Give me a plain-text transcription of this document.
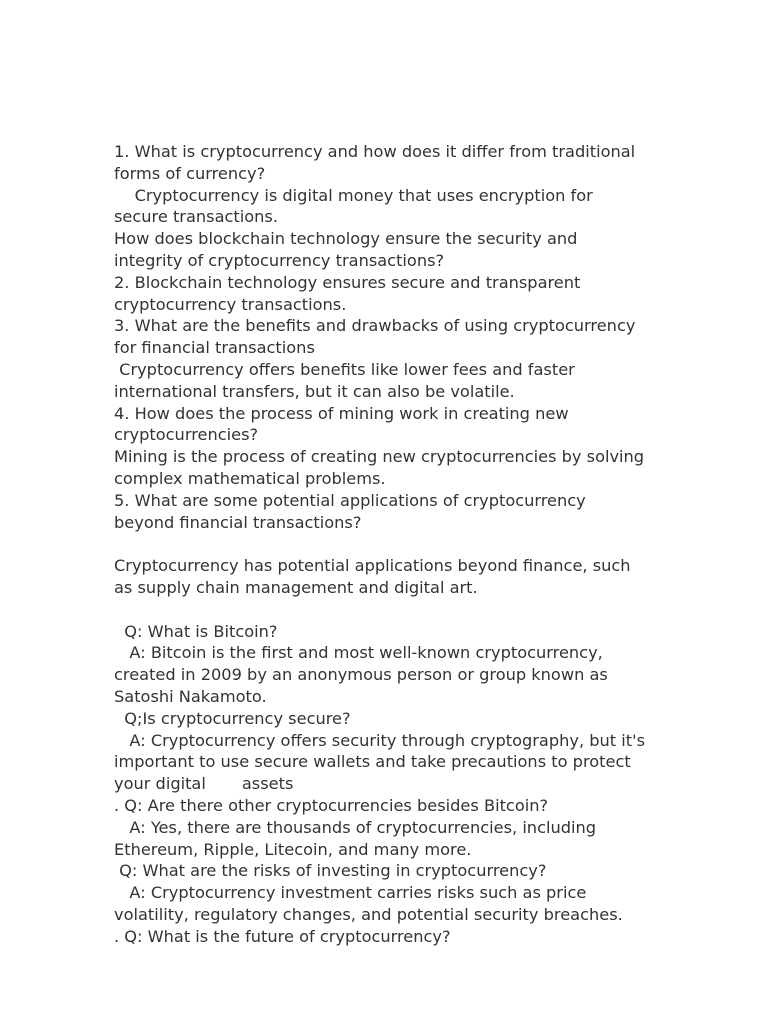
1. What is cryptocurrency and how does it differ from traditional
forms of currency?
Cryptocurrency is digital money that uses encryption for
secure transactions.
How does blockchain technology ensure the security and
integrity of cryptocurrency transactions?
2. Blockchain technology ensures secure and transparent
cryptocurrency transactions.
3. What are the benefits and drawbacks of using cryptocurrency
for financial transactions
Cryptocurrency offers benefits like lower fees and faster
international transfers, but it can also be volatile.
4. How does the process of mining work in creating new
cryptocurrencies?
Mining is the process of creating new cryptocurrencies by solving
complex mathematical problems.
5. What are some potential applications of cryptocurrency
beyond financial transactions?
Cryptocurrency has potential applications beyond finance, such
as supply chain management and digital art.
Q: What is Bitcoin?
A: Bitcoin is the first and most well-known cryptocurrency,
created in 2009 by an anonymous person or group known as
Satoshi Nakamoto.
Q;Is cryptocurrency secure?
A: Cryptocurrency offers security through cryptography, but it's
important to use secure wallets and take precautions to protect
your digital       assets
. Q: Are there other cryptocurrencies besides Bitcoin?
A: Yes, there are thousands of cryptocurrencies, including
Ethereum, Ripple, Litecoin, and many more.
Q: What are the risks of investing in cryptocurrency?
A: Cryptocurrency investment carries risks such as price
volatility, regulatory changes, and potential security breaches.
. Q: What is the future of cryptocurrency?
